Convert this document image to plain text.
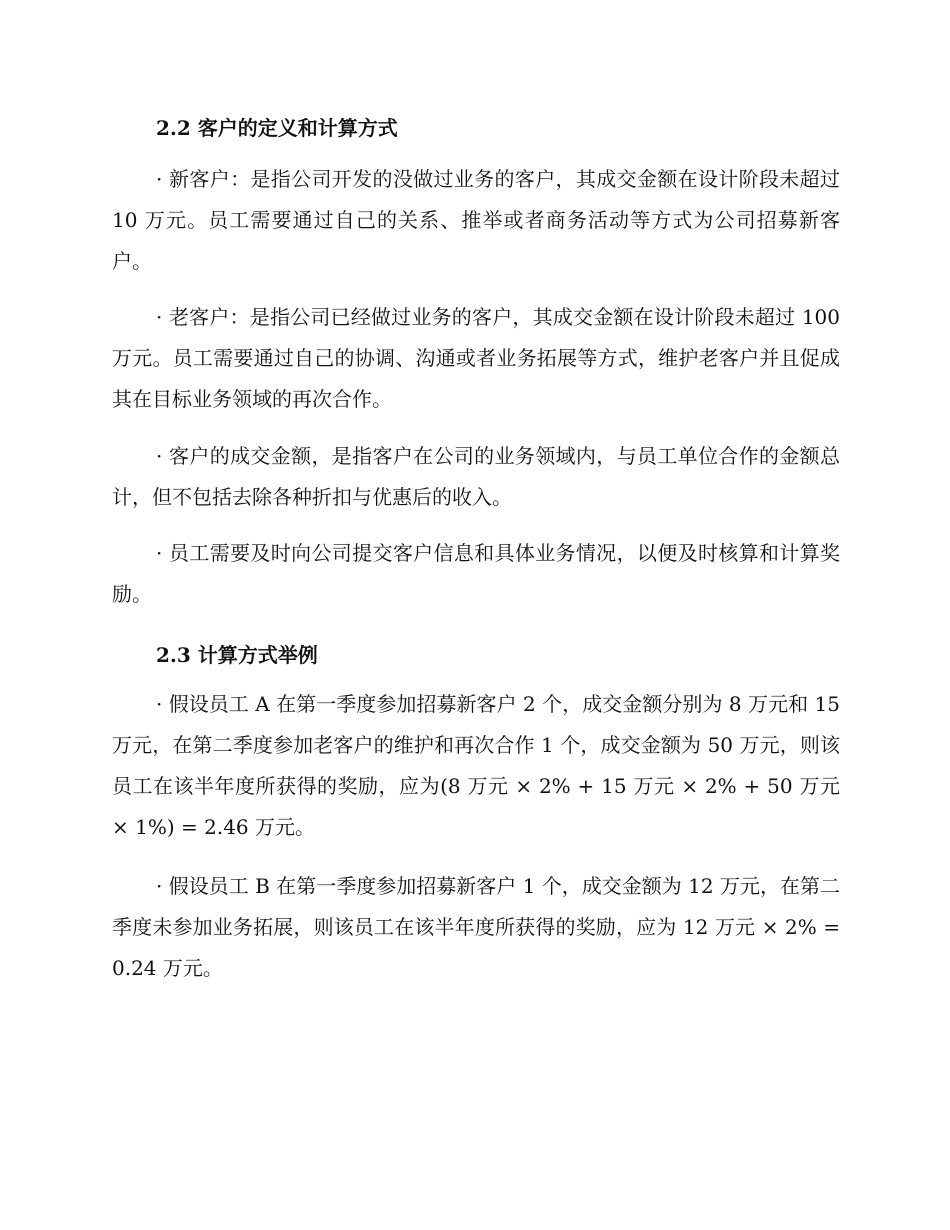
2.2 客户的定义和计算方式
· 新客户：是指公司开发的没做过业务的客户，其成交金额在设计阶段未超过 10 万元。员工需要通过自己的关系、推举或者商务活动等方式为公司招募新客户。
· 老客户：是指公司已经做过业务的客户，其成交金额在设计阶段未超过 100 万元。员工需要通过自己的协调、沟通或者业务拓展等方式，维护老客户并且促成其在目标业务领域的再次合作。
· 客户的成交金额，是指客户在公司的业务领域内，与员工单位合作的金额总计，但不包括去除各种折扣与优惠后的收入。
· 员工需要及时向公司提交客户信息和具体业务情况，以便及时核算和计算奖励。
2.3 计算方式举例
· 假设员工 A 在第一季度参加招募新客户 2 个，成交金额分别为 8 万元和 15 万元，在第二季度参加老客户的维护和再次合作 1 个，成交金额为 50 万元，则该员工在该半年度所获得的奖励，应为(8 万元 × 2% + 15 万元 × 2% + 50 万元 × 1%) = 2.46 万元。
· 假设员工 B 在第一季度参加招募新客户 1 个，成交金额为 12 万元，在第二季度未参加业务拓展，则该员工在该半年度所获得的奖励，应为 12 万元 × 2% = 0.24 万元。
